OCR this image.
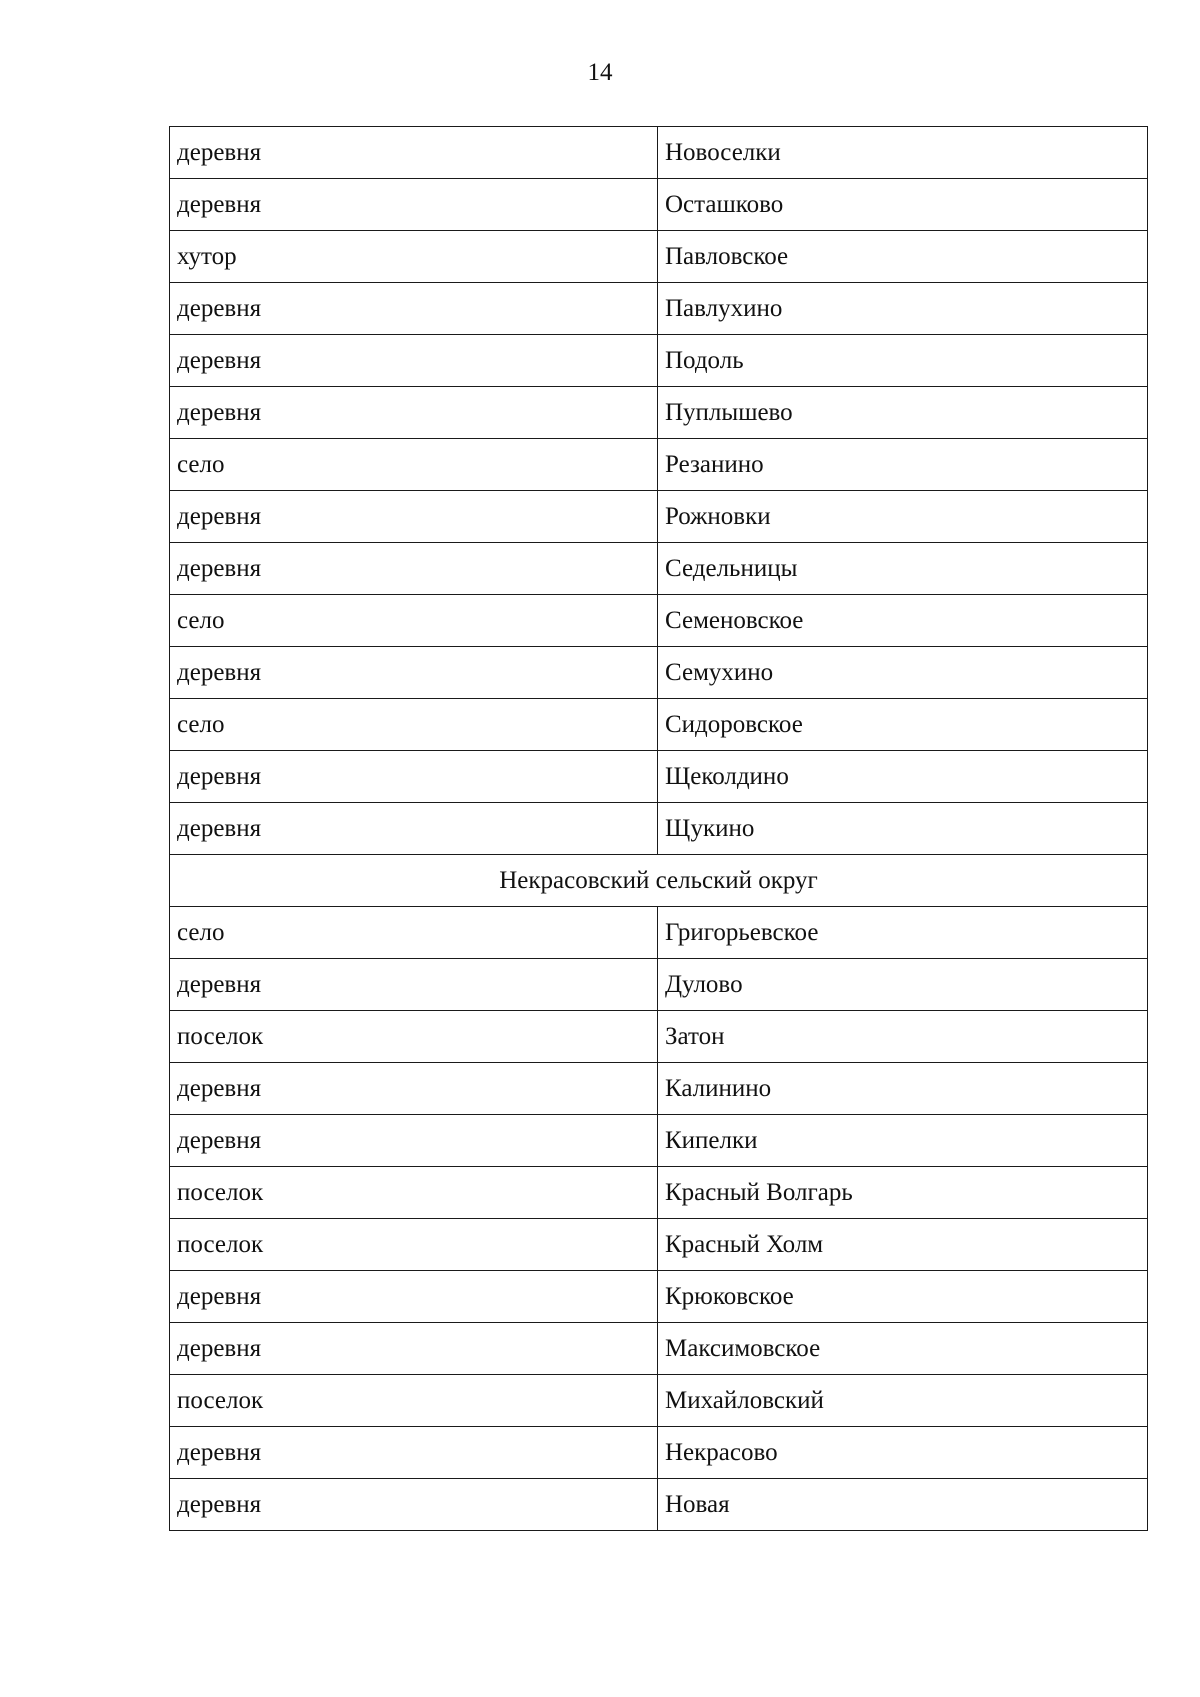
14
деревня	Новоселки
деревня	Осташково
хутор	Павловское
деревня	Павлухино
деревня	Подоль
деревня	Пуплышево
село	Резанино
деревня	Рожновки
деревня	Седельницы
село	Семеновское
деревня	Семухино
село	Сидоровское
деревня	Щеколдино
деревня	Щукино
Некрасовский сельский округ	
село	Григорьевское
деревня	Дулово
поселок	Затон
деревня	Калинино
деревня	Кипелки
поселок	Красный Волгарь
поселок	Красный Холм
деревня	Крюковское
деревня	Максимовское
поселок	Михайловский
деревня	Некрасово
деревня	Новая
